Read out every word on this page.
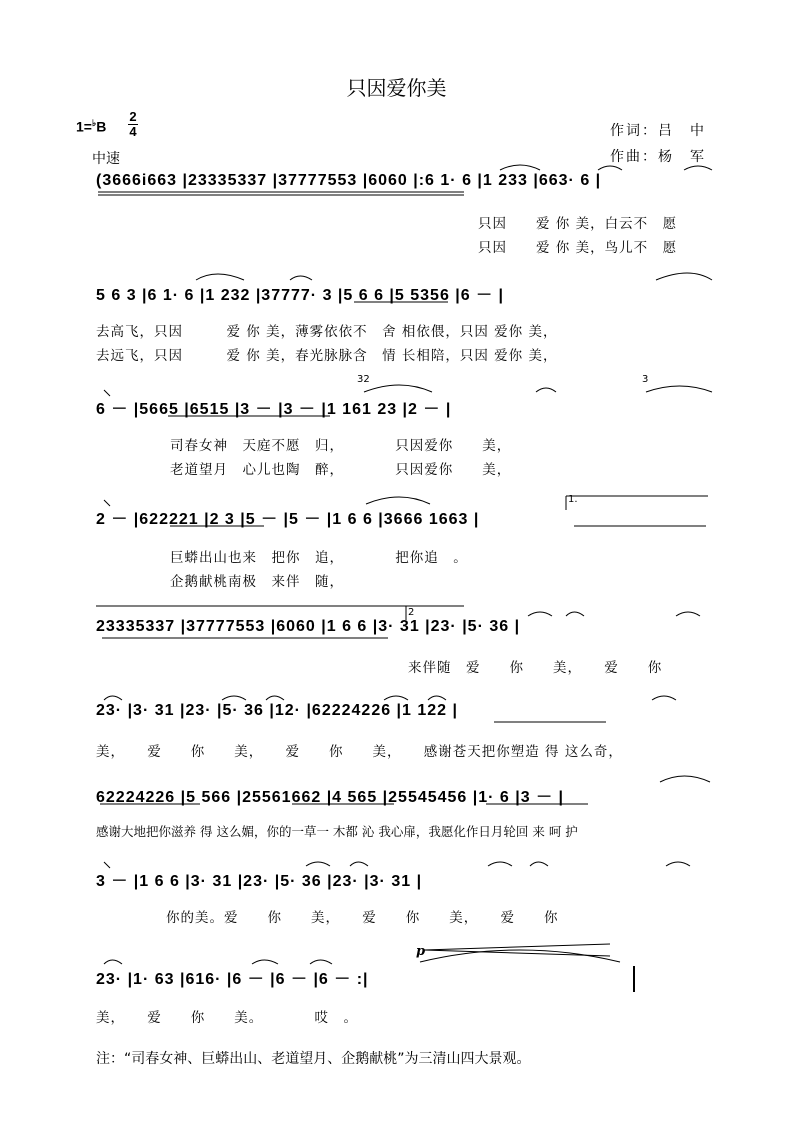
只因爱你美
1=♭B
2
4
中速
作词：吕　中
作曲：杨　军
(3666i663 |23335337 |37777553 |6060 |:6 1· 6 |1 233 |663· 6 |
只因　　爱 你 美，白云不　愿
只因　　爱 你 美，鸟儿不　愿
5 6 3 |6 1· 6 |1 232 |37777· 3 |5 6 6 |5 5356 |6 － |
去高飞，只因　　　爱 你 美，薄雾依依不　舍 相依偎，只因 爱你 美，
去远飞，只因　　　爱 你 美，春光脉脉含　情 长相陪，只因 爱你 美，
6 － |5665 |6515 |3 － |3 － |1 161 23 |2 － |
司春女神　天庭不愿　归，　　　　只因爱你　　美，
老道望月　心儿也陶　醉，　　　　只因爱你　　美，
2 － |622221 |2 3 |5 － |5 － |1 6 6 |3666 1663 |
巨蟒出山也来　把你　追，　　　　把你追　。
企鹅献桃南极　来伴　随，
23335337 |37777553 |6060 |1 6 6 |3· 31 |23· |5· 36 |
来伴随　爱　　你　　美，　　爱　　你
23· |3· 31 |23· |5· 36 |12· |62224226 |1 122 |
美，　　爱　　你　　美，　　爱　　你　　美，　　感谢苍天把你塑造 得 这么奇，
62224226 |5 566 |25561662 |4 565 |25545456 |1· 6 |3 － |
感谢大地把你滋养 得 这么媚，你的一草一 木都 沁 我心扉，我愿化作日月轮回 来 呵 护
3 － |1 6 6 |3· 31 |23· |5· 36 |23· |3· 31 |
你的美。爱　　你　　美，　　爱　　你　　美，　　爱　　你
23· |1· 63 |616· |6 － |6 － |6 － :|
美，　　爱　　你　　美。　　　　哎　。
1.
2
32	3
p
注：“司春女神、巨蟒出山、老道望月、企鹅献桃”为三清山四大景观。
